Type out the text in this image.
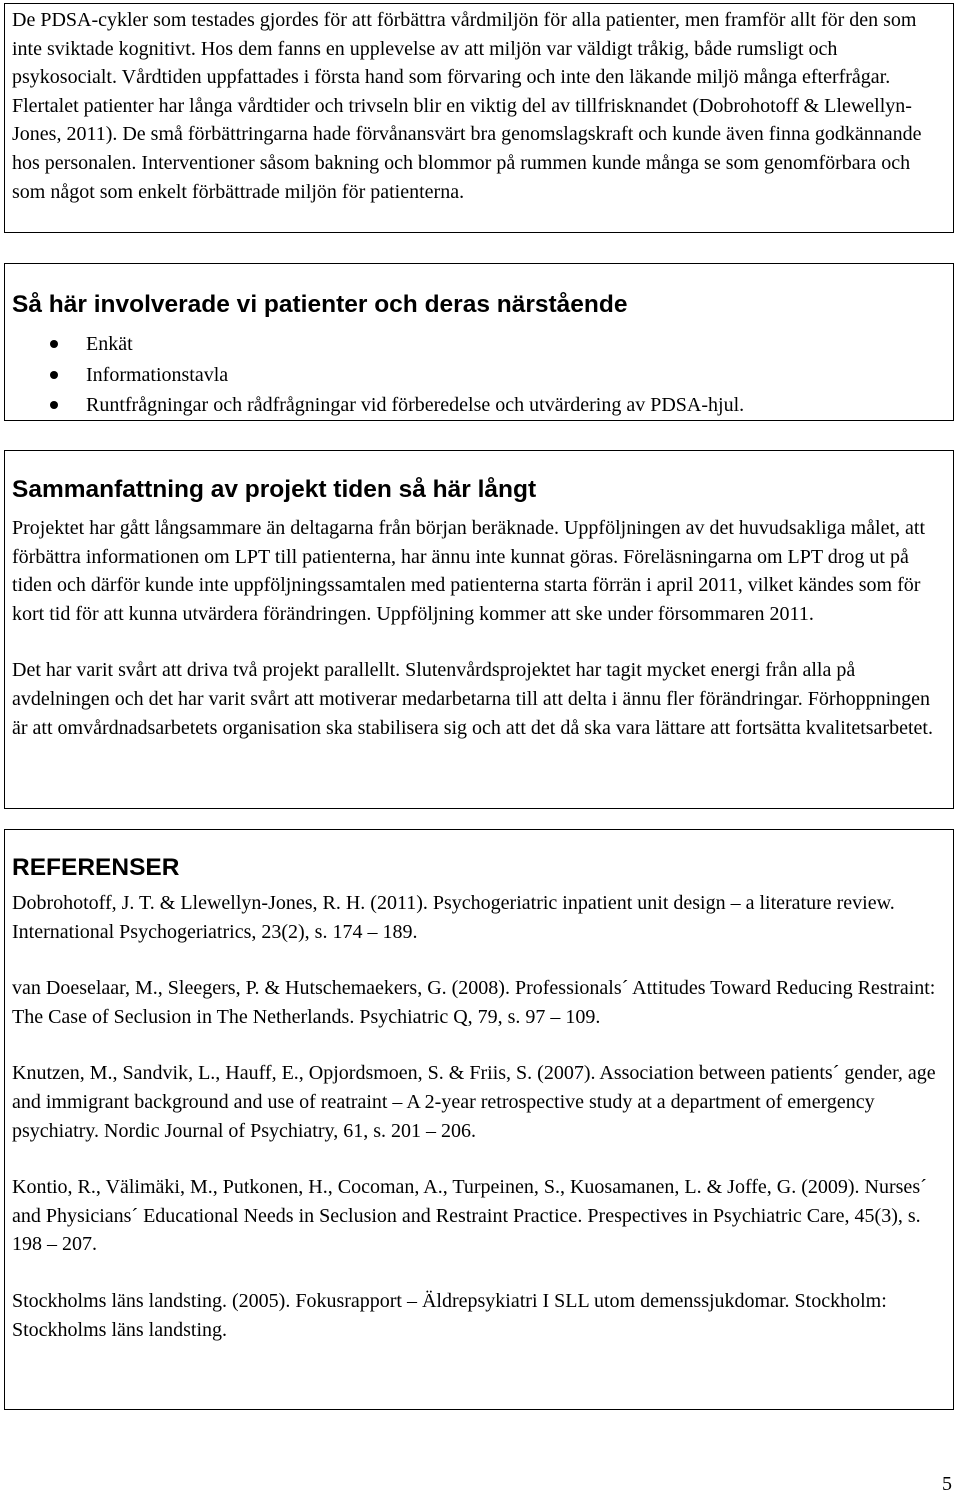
De PDSA-cykler som testades gjordes för att förbättra vårdmiljön för alla patienter, men framför allt för den som inte sviktade kognitivt. Hos dem fanns en upplevelse av att miljön var väldigt tråkig, både rumsligt och psykosocialt. Vårdtiden uppfattades i första hand som förvaring och inte den läkande miljö många efterfrågar. Flertalet patienter har långa vårdtider och trivseln blir en viktig del av tillfrisknandet (Dobrohotoff & Llewellyn-Jones, 2011). De små förbättringarna hade förvånansvärt bra genomslagskraft och kunde även finna godkännande hos personalen. Interventioner såsom bakning och blommor på rummen kunde många se som genomförbara och som något som enkelt förbättrade miljön för patienterna.

Så här involverade vi patienter och deras närstående
Enkät
Informationstavla
Runtfrågningar och rådfrågningar vid förberedelse och utvärdering av PDSA-hjul.
Sammanfattning av projekt tiden så här långt

Projektet har gått långsammare än deltagarna från början beräknade. Uppföljningen av det huvudsakliga målet, att förbättra informationen om LPT till patienterna, har ännu inte kunnat göras. Föreläsningarna om LPT drog ut på tiden och därför kunde inte uppföljningssamtalen med patienterna starta förrän i april 2011, vilket kändes som för kort tid för att kunna utvärdera förändringen. Uppföljning kommer att ske under försommaren 2011.

Det har varit svårt att driva två projekt parallellt. Slutenvårdsprojektet har tagit mycket energi från alla på avdelningen och det har varit svårt att motiverar medarbetarna till att delta i ännu fler förändringar. Förhoppningen är att omvårdnadsarbetets organisation ska stabilisera sig och att det då ska vara lättare att fortsätta kvalitetsarbetet.

REFERENSER

Dobrohotoff, J. T. & Llewellyn-Jones, R. H. (2011). Psychogeriatric inpatient unit design – a literature review. International Psychogeriatrics, 23(2), s. 174 – 189.

van Doeselaar, M., Sleegers, P. & Hutschemaekers, G. (2008). Professionals´ Attitudes Toward Reducing Restraint: The Case of Seclusion in The Netherlands. Psychiatric Q, 79, s. 97 – 109.

Knutzen, M., Sandvik, L., Hauff, E., Opjordsmoen, S. & Friis, S. (2007). Association between patients´ gender, age and immigrant background and use of reatraint – A 2-year retrospective study at a department of emergency psychiatry. Nordic Journal of Psychiatry, 61, s. 201 – 206.

Kontio, R., Välimäki, M., Putkonen, H., Cocoman, A., Turpeinen, S., Kuosamanen, L. & Joffe, G. (2009). Nurses´ and Physicians´ Educational Needs in Seclusion and Restraint Practice. Prespectives in Psychiatric Care, 45(3), s. 198 – 207.

Stockholms läns landsting. (2005). Fokusrapport – Äldrepsykiatri I SLL utom demenssjukdomar. Stockholm: Stockholms läns landsting.

5
